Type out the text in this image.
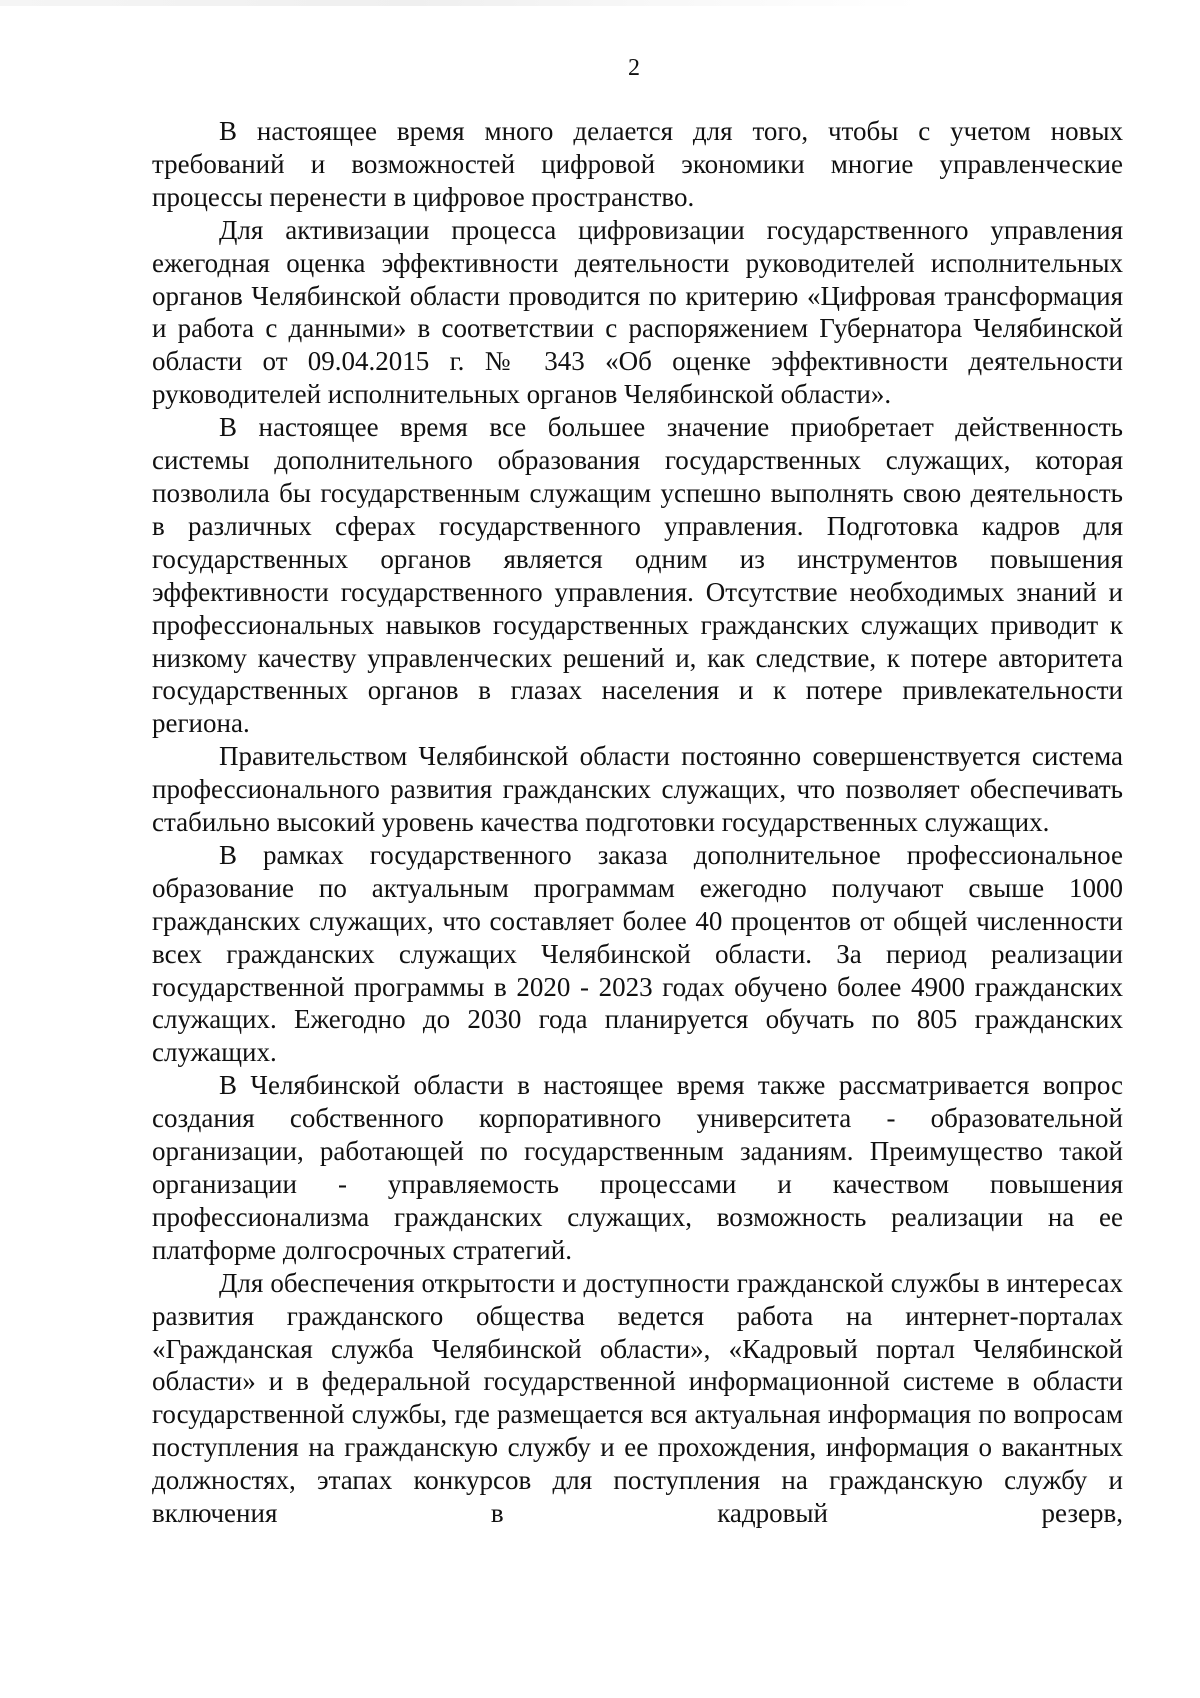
2

В настоящее время много делается для того, чтобы с учетом новых требований и возможностей цифровой экономики многие управленческие процессы перенести в цифровое пространство.

Для активизации процесса цифровизации государственного управления ежегодная оценка эффективности деятельности руководителей исполнительных органов Челябинской области проводится по критерию «Цифровая трансформация и работа с данными» в соответствии с распоряжением Губернатора Челябинской области от 09.04.2015 г. № 343 «Об оценке эффективности деятельности руководителей исполнительных органов Челябинской области».

В настоящее время все большее значение приобретает действенность системы дополнительного образования государственных служащих, которая позволила бы государственным служащим успешно выполнять свою деятельность в различных сферах государственного управления. Подготовка кадров для государственных органов является одним из инструментов повышения эффективности государственного управления. Отсутствие необходимых знаний и профессиональных навыков государственных гражданских служащих приводит к низкому качеству управленческих решений и, как следствие, к потере авторитета государственных органов в глазах населения и к потере привлекательности региона.

Правительством Челябинской области постоянно совершенствуется система профессионального развития гражданских служащих, что позволяет обеспечивать стабильно высокий уровень качества подготовки государственных служащих.

В рамках государственного заказа дополнительное профессиональное образование по актуальным программам ежегодно получают свыше 1000 гражданских служащих, что составляет более 40 процентов от общей численности всех гражданских служащих Челябинской области. За период реализации государственной программы в 2020 - 2023 годах обучено более 4900 гражданских служащих. Ежегодно до 2030 года планируется обучать по 805 гражданских служащих.

В Челябинской области в настоящее время также рассматривается вопрос создания собственного корпоративного университета - образовательной организации, работающей по государственным заданиям. Преимущество такой организации - управляемость процессами и качеством повышения профессионализма гражданских служащих, возможность реализации на ее платформе долгосрочных стратегий.

Для обеспечения открытости и доступности гражданской службы в интересах развития гражданского общества ведется работа на интернет-порталах «Гражданская служба Челябинской области», «Кадровый портал Челябинской области» и в федеральной государственной информационной системе в области государственной службы, где размещается вся актуальная информация по вопросам поступления на гражданскую службу и ее прохождения, информация о вакантных должностях, этапах конкурсов для поступления на гражданскую службу и включения в кадровый резерв,
